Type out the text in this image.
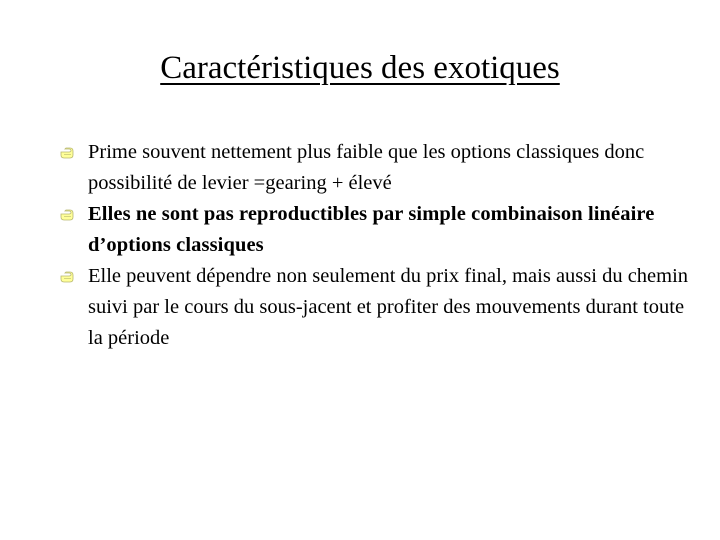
Caractéristiques des exotiques
Prime souvent nettement plus faible que les options classiques donc possibilité de levier =gearing + élevé
Elles ne sont pas reproductibles par simple combinaison linéaire d’options classiques
Elle peuvent dépendre non seulement du prix final, mais aussi du chemin suivi par le cours du sous-jacent et profiter des mouvements durant toute la période
